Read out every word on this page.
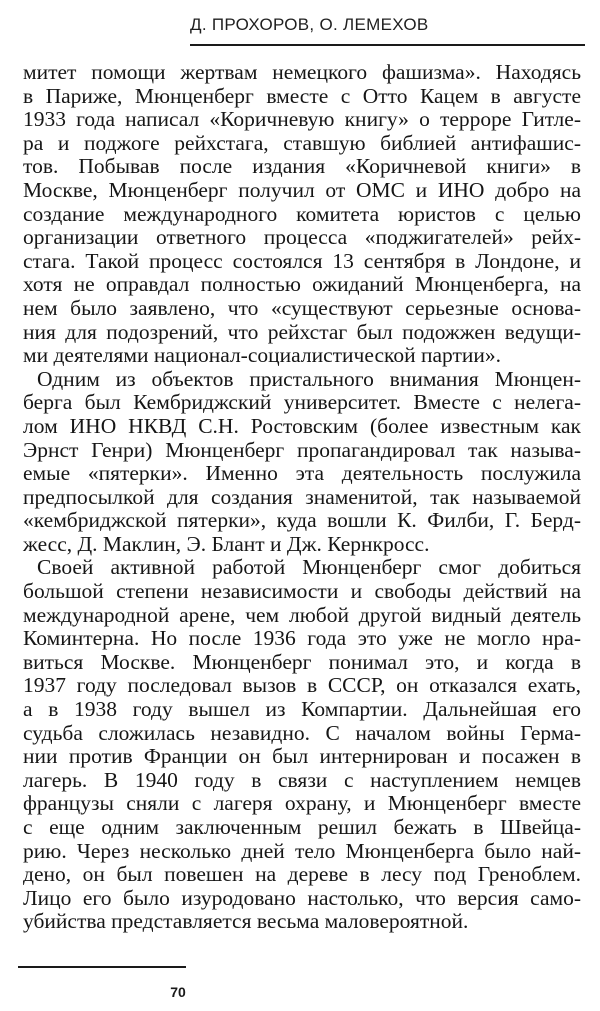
Д. ПРОХОРОВ, О. ЛЕМЕХОВ
митет помощи жертвам немецкого фашизма». Находясь
в Париже, Мюнценберг вместе с Отто Кацем в августе
1933 года написал «Коричневую книгу» о терроре Гитле-
ра и поджоге рейхстага, ставшую библией антифашис-
тов. Побывав после издания «Коричневой книги» в
Москве, Мюнценберг получил от ОМС и ИНО добро на
создание международного комитета юристов с целью
организации ответного процесса «поджигателей» рейх-
стага. Такой процесс состоялся 13 сентября в Лондоне, и
хотя не оправдал полностью ожиданий Мюнценберга, на
нем было заявлено, что «существуют серьезные основа-
ния для подозрений, что рейхстаг был подожжен ведущи-
ми деятелями национал-социалистической партии».
Одним из объектов пристального внимания Мюнцен-
берга был Кембриджский университет. Вместе с нелега-
лом ИНО НКВД С.Н. Ростовским (более известным как
Эрнст Генри) Мюнценберг пропагандировал так называ-
емые «пятерки». Именно эта деятельность послужила
предпосылкой для создания знаменитой, так называемой
«кембриджской пятерки», куда вошли К. Филби, Г. Берд-
жесс, Д. Маклин, Э. Блант и Дж. Кернкросс.
Своей активной работой Мюнценберг смог добиться
большой степени независимости и свободы действий на
международной арене, чем любой другой видный деятель
Коминтерна. Но после 1936 года это уже не могло нра-
виться Москве. Мюнценберг понимал это, и когда в
1937 году последовал вызов в СССР, он отказался ехать,
а в 1938 году вышел из Компартии. Дальнейшая его
судьба сложилась незавидно. С началом войны Герма-
нии против Франции он был интернирован и посажен в
лагерь. В 1940 году в связи с наступлением немцев
французы сняли с лагеря охрану, и Мюнценберг вместе
с еще одним заключенным решил бежать в Швейца-
рию. Через несколько дней тело Мюнценберга было най-
дено, он был повешен на дереве в лесу под Греноблем.
Лицо его было изуродовано настолько, что версия само-
убийства представляется весьма маловероятной.
70
